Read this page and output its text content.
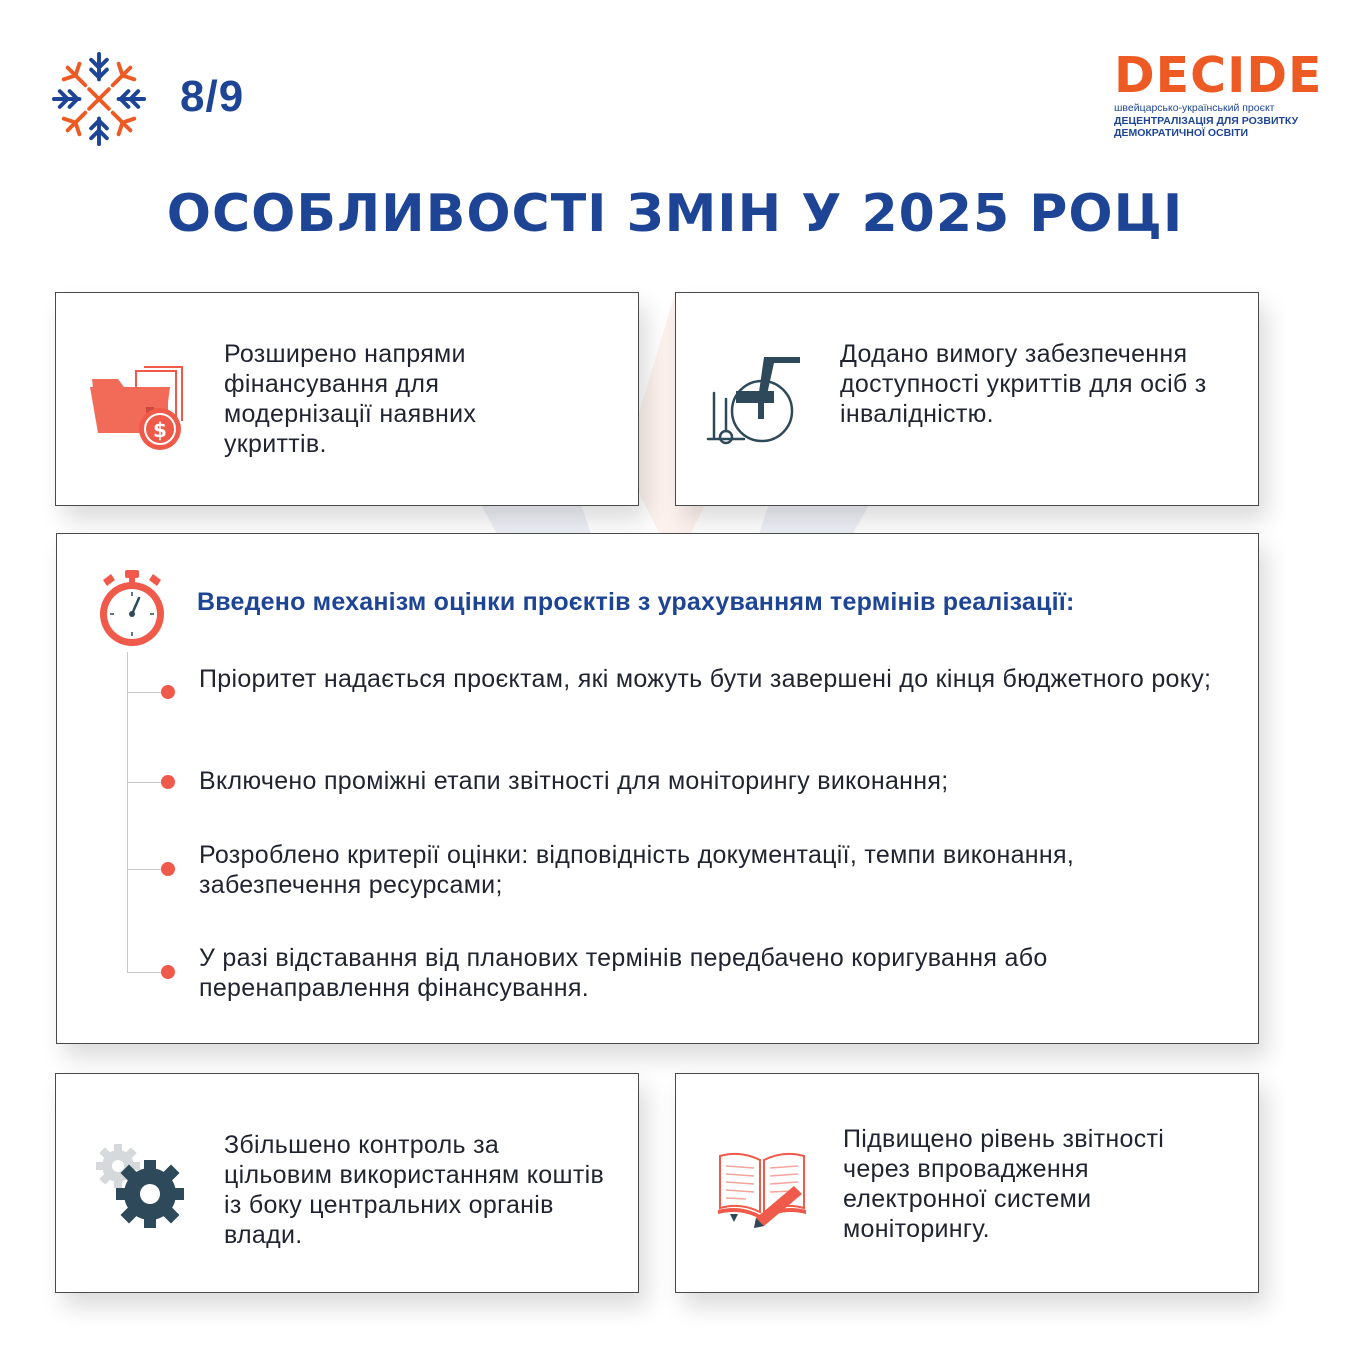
8/9	DECIDE
швейцарсько-український проєкт
ДЕЦЕНТРАЛІЗАЦІЯ ДЛЯ РОЗВИТКУ
ДЕМОКРАТИЧНОЇ ОСВІТИ
ОСОБЛИВОСТІ ЗМІН У 2025 РОЦІ
$
Розширено напрями фінансування для модернізації наявних укриттів.
Додано вимогу забезпечення доступності укриттів для осіб з інвалідністю.
Введено механізм оцінки проєктів з урахуванням термінів реалізації:
Пріоритет надається проєктам, які можуть бути завершені до кінця бюджетного року;
Включено проміжні етапи звітності для моніторингу виконання;
Розроблено критерії оцінки: відповідність документації, темпи виконання, забезпечення ресурсами;
У разі відставання від планових термінів передбачено коригування або перенаправлення фінансування.
Збільшено контроль за цільовим використанням коштів із боку центральних органів влади.
Підвищено рівень звітності через впровадження електронної системи моніторингу.
